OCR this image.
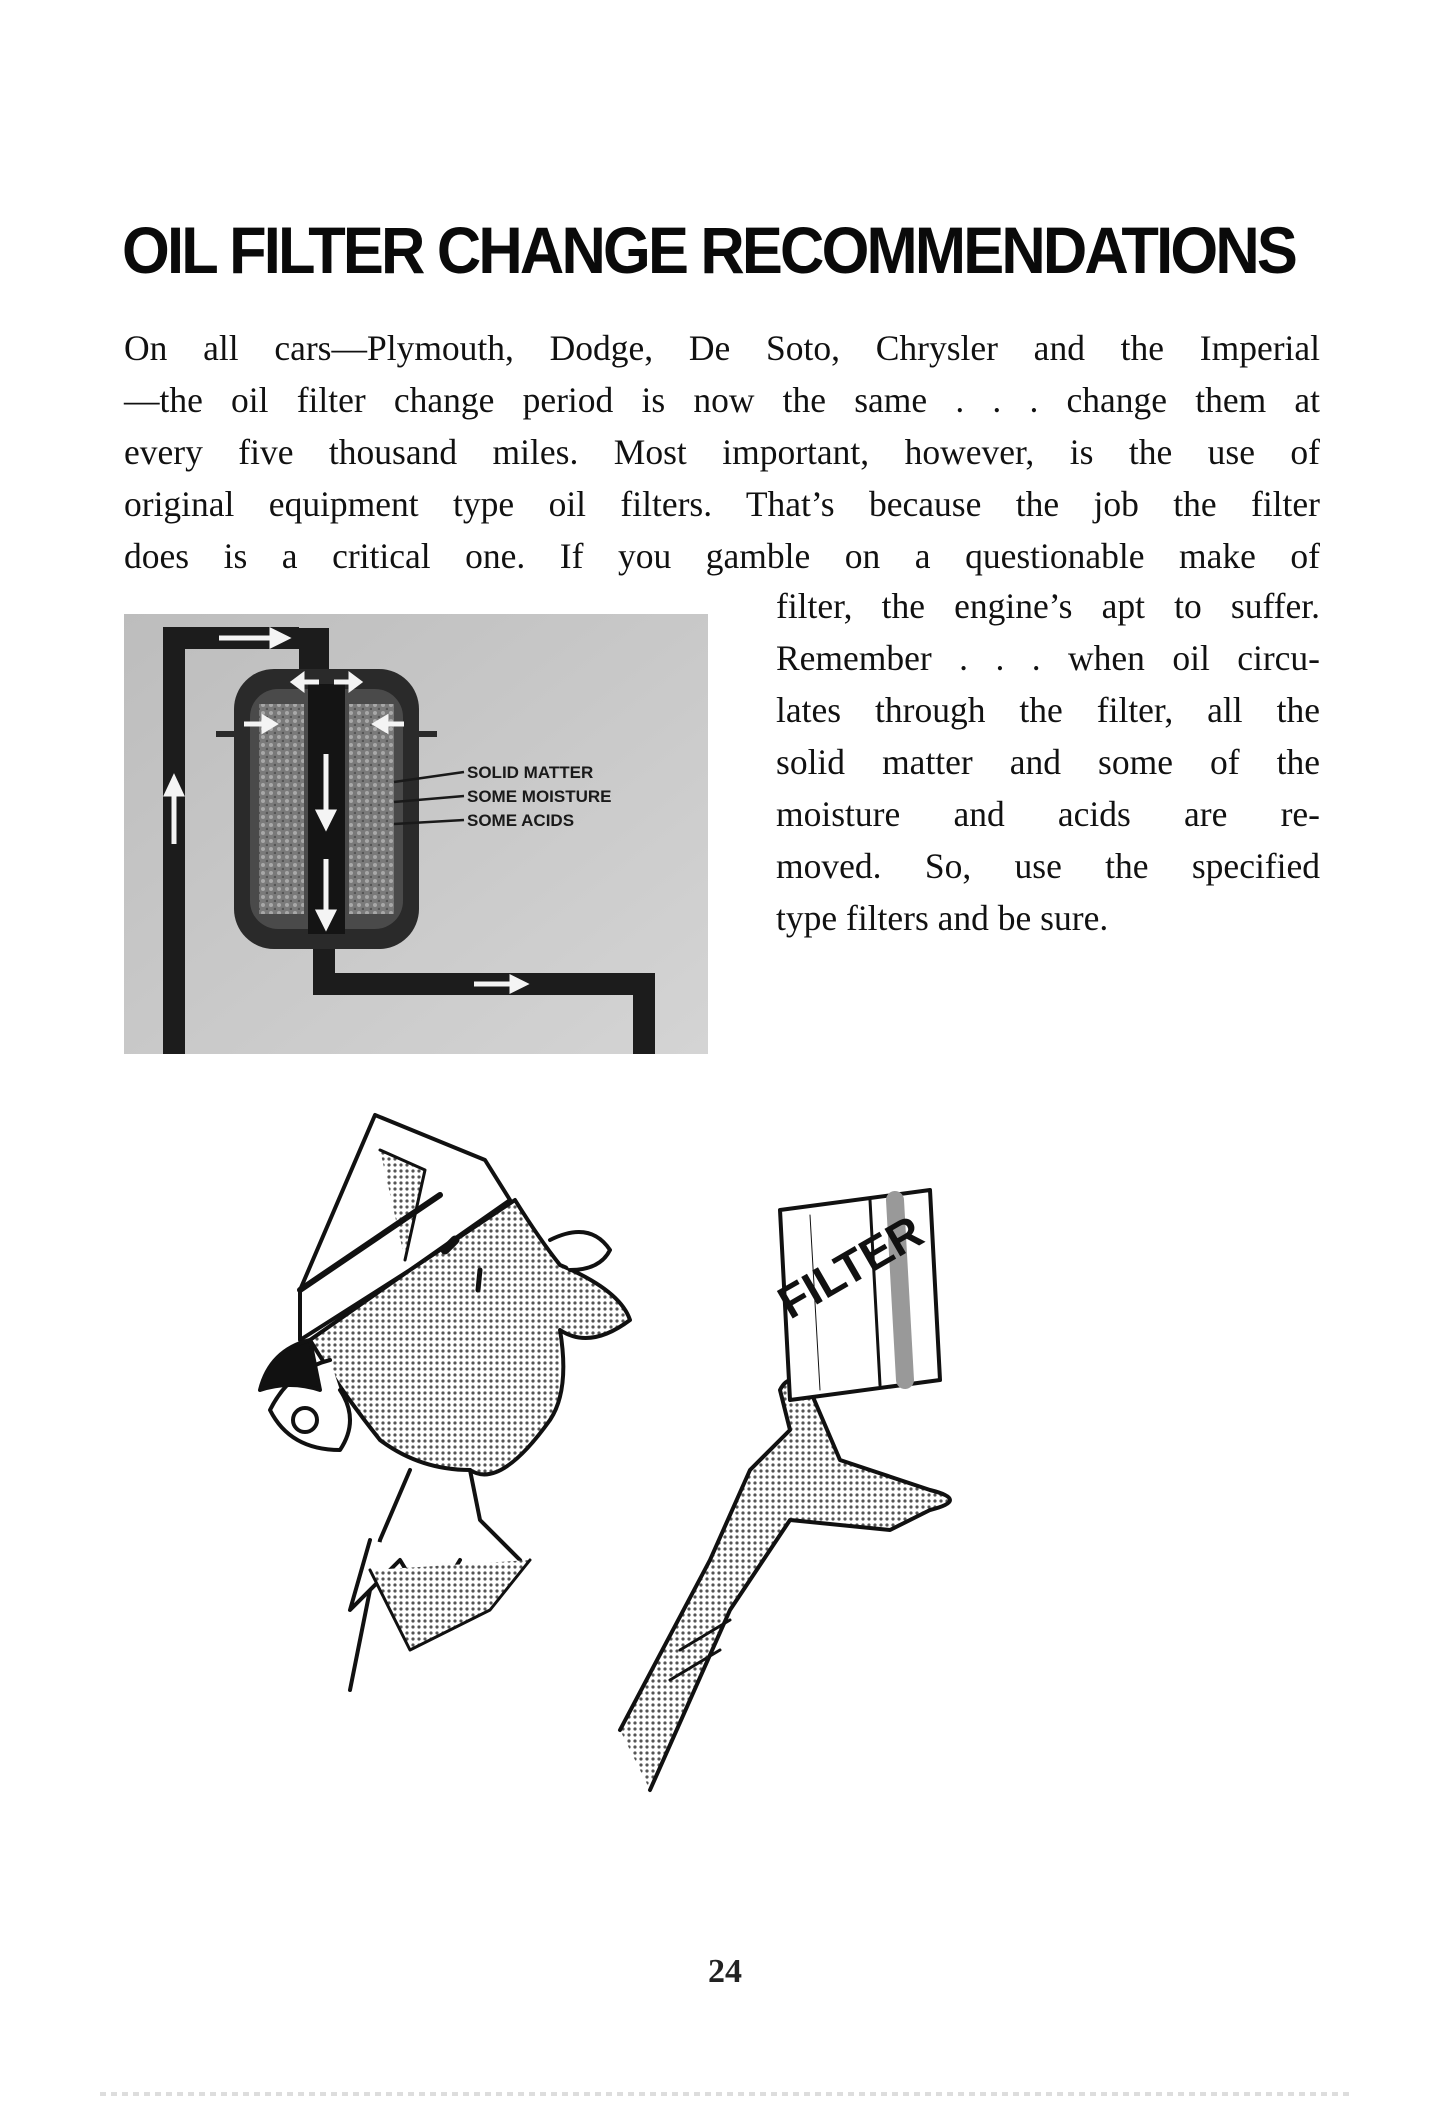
OIL FILTER CHANGE RECOMMENDATIONS
On all cars—Plymouth, Dodge, De Soto, Chrysler and the Imperial
—the oil filter change period is now the same . . . change them at
every five thousand miles. Most important, however, is the use of
original equipment type oil filters. That’s because the job the filter
does is a critical one. If you gamble on a questionable make of
filter, the engine’s apt to suffer.
Remember . . . when oil circu-
lates through the filter, all the
solid matter and some of the
moisture and acids are re-
moved. So, use the specified
type filters and be sure.
SOLID MATTER
SOME MOISTURE
SOME ACIDS
FILTER
24
